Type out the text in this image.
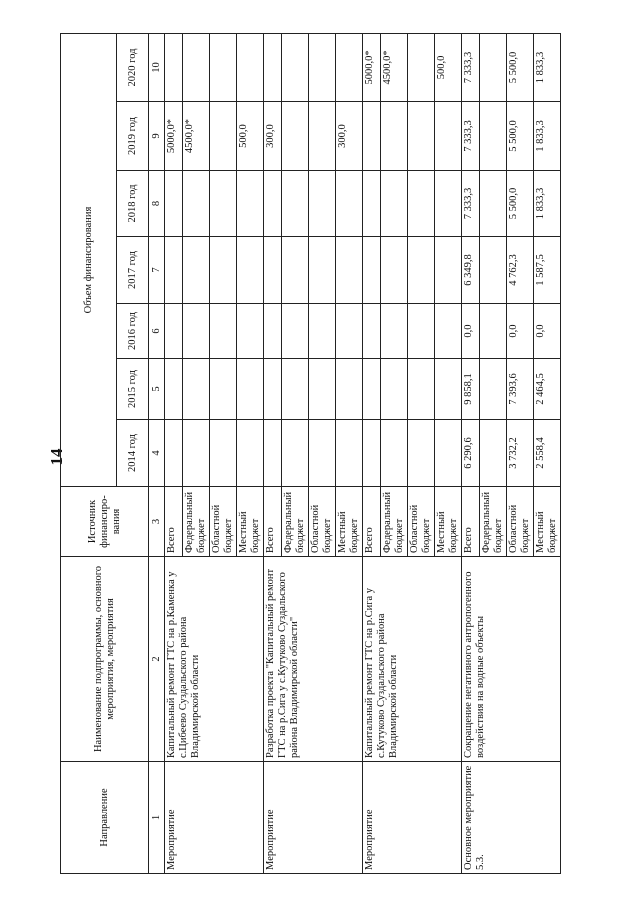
14
Направление	Наименование подпрограммы, основного мероприятия, мероприятия	Источник финансиро-вания	Объем финансирования						
			2014 год	2015 год	2016 год	2017 год	2018 год	2019 год	2020 год
1	2	3	4	5	6	7	8	9	10
Мероприятие	Капитальный ремонт ГТС на р.Каменка у с.Цибеево Суздальского района Владимирской области	Всего						5000,0*	
		Федеральный бюджет						4500,0*	
		Областной бюджет							
		Местный бюджет						500,0	
Мероприятие	Разработка проекта "Капитальный ремонт ГТС на р.Сига у с.Кутуково Суздальского района Владимирской области"	Всего						300,0	
		Федеральный бюджет							
		Областной бюджет							
		Местный бюджет						300,0	
Мероприятие	Капитальный ремонт ГТС на р.Сига у с.Кутуково Суздальского района Владимирской области	Всего							5000,0*
		Федеральный бюджет							4500,0*
		Областной бюджет							
		Местный бюджет							500,0
Основное мероприятие 5.3.	Сокращение негативного антропогенного воздействия на водные объекты	Всего	6 290,6	9 858,1	0,0	6 349,8	7 333,3	7 333,3	7 333,3
		Федеральный бюджет							
		Областной бюджет	3 732,2	7 393,6	0,0	4 762,3	5 500,0	5 500,0	5 500,0
		Местный бюджет	2 558,4	2 464,5	0,0	1 587,5	1 833,3	1 833,3	1 833,3
